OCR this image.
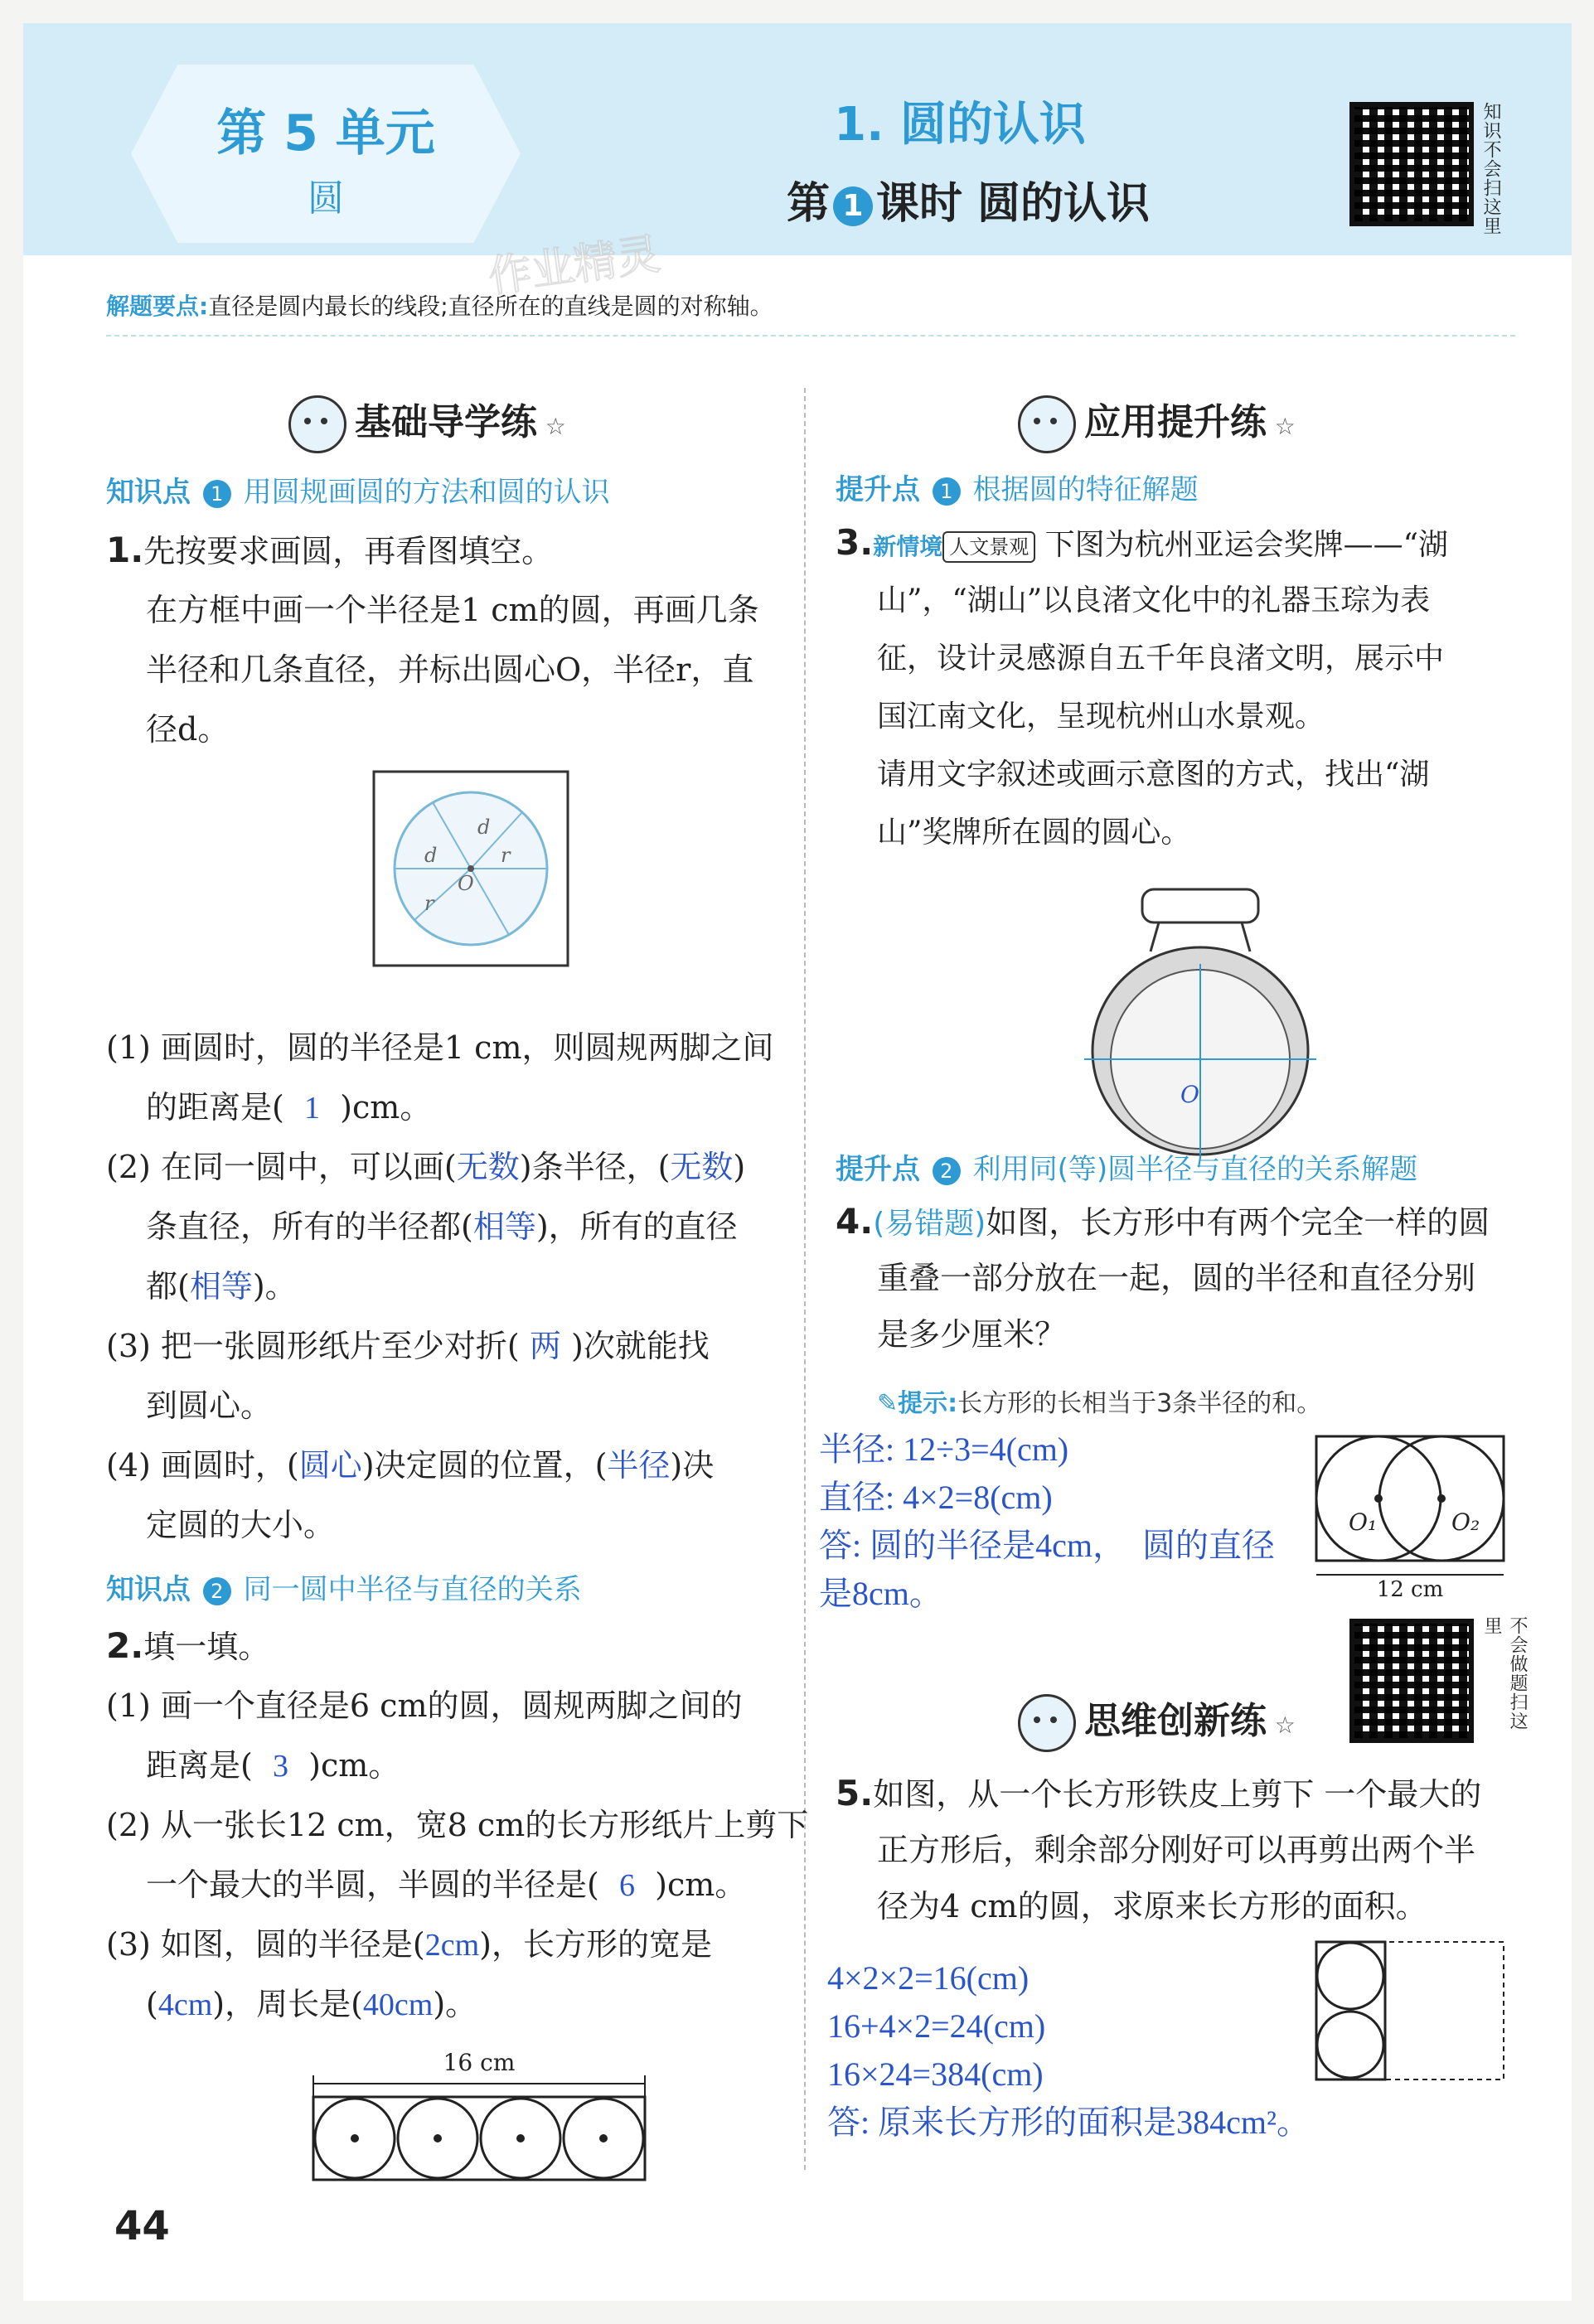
第 5 单元
圆
1. 圆的认识
第 1 课时 圆的认识	知识不会扫这里
作业精灵
解题要点:直径是圆内最长的线段;直径所在的直线是圆的对称轴。
基础导学练 ☆
知识点 1 用圆规画圆的方法和圆的认识
1.先按要求画圆，再看图填空。
在方框中画一个半径是1 cm的圆，再画几条
半径和几条直径，并标出圆心O，半径r，直
径d。
d
d	r
O
r
(1) 画圆时，圆的半径是1 cm，则圆规两脚之间
的距离是( 1 )cm。
(2) 在同一圆中，可以画(无数)条半径，(无数)
条直径，所有的半径都(相等)，所有的直径
都(相等)。
(3) 把一张圆形纸片至少对折( 两 )次就能找
到圆心。
(4) 画圆时，(圆心)决定圆的位置，(半径)决
定圆的大小。
知识点 2 同一圆中半径与直径的关系
2.填一填。
(1) 画一个直径是6 cm的圆，圆规两脚之间的
距离是( 3 )cm。
(2) 从一张长12 cm，宽8 cm的长方形纸片上剪下
一个最大的半圆，半圆的半径是( 6 )cm。
(3) 如图，圆的半径是(2cm)，长方形的宽是
(4cm)，周长是(40cm)。
16 cm
应用提升练 ☆
提升点 1 根据圆的特征解题
3.新情境 人文景观 下图为杭州亚运会奖牌——“湖
山”，“湖山”以良渚文化中的礼器玉琮为表
征，设计灵感源自五千年良渚文明，展示中
国江南文化，呈现杭州山水景观。
请用文字叙述或画示意图的方式，找出“湖
山”奖牌所在圆的圆心。
O
提升点 2 利用同(等)圆半径与直径的关系解题
4.(易错题)如图，长方形中有两个完全一样的圆
重叠一部分放在一起，圆的半径和直径分别
是多少厘米？
✎提示:长方形的长相当于3条半径的和。
半径: 12÷3=4(cm)
直径: 4×2=8(cm)
答: 圆的半径是4cm，  圆的直径
是8cm。
O₁	O₂
12 cm
不会做题扫这里
思维创新练 ☆
5.如图，从一个长方形铁皮上剪下 一个最大的
正方形后，剩余部分刚好可以再剪出两个半
径为4 cm的圆，求原来长方形的面积。
4×2×2=16(cm)
16+4×2=24(cm)
16×24=384(cm)
答: 原来长方形的面积是384cm²。
44
